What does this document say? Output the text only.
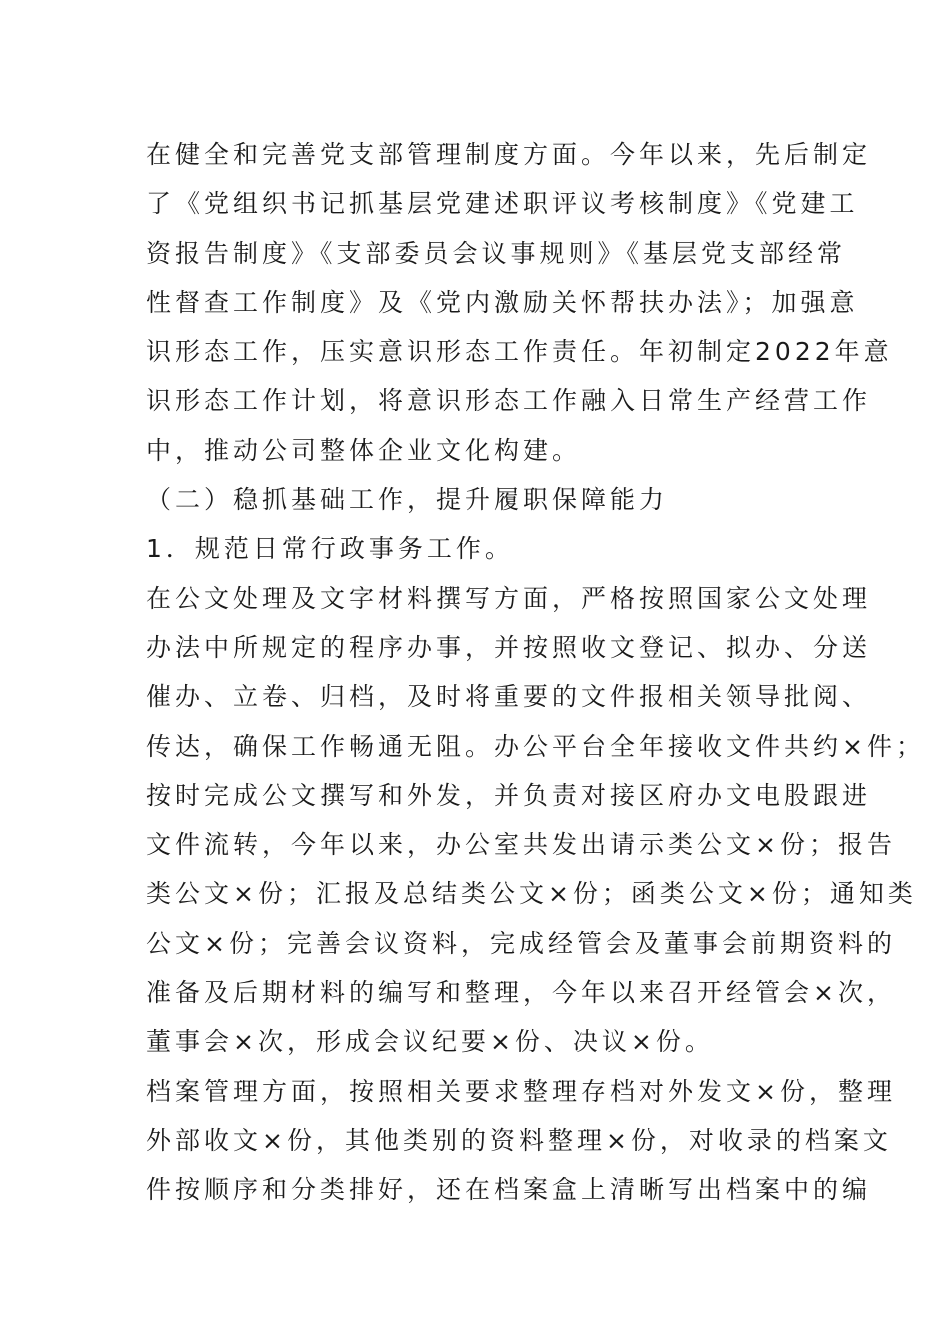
在健全和完善党支部管理制度方面。今年以来，先后制定
了《党组织书记抓基层党建述职评议考核制度》《党建工
资报告制度》《支部委员会议事规则》《基层党支部经常
性督查工作制度》及《党内激励关怀帮扶办法》；加强意
识形态工作，压实意识形态工作责任。年初制定2022年意
识形态工作计划，将意识形态工作融入日常生产经营工作
中，推动公司整体企业文化构建。
（二）稳抓基础工作，提升履职保障能力
1．规范日常行政事务工作。
在公文处理及文字材料撰写方面，严格按照国家公文处理
办法中所规定的程序办事，并按照收文登记、拟办、分送
催办、立卷、归档，及时将重要的文件报相关领导批阅、
传达，确保工作畅通无阻。办公平台全年接收文件共约×件；
按时完成公文撰写和外发，并负责对接区府办文电股跟进
文件流转，今年以来，办公室共发出请示类公文×份；报告
类公文×份；汇报及总结类公文×份；函类公文×份；通知类
公文×份；完善会议资料，完成经管会及董事会前期资料的
准备及后期材料的编写和整理，今年以来召开经管会×次，
董事会×次，形成会议纪要×份、决议×份。
档案管理方面，按照相关要求整理存档对外发文×份，整理
外部收文×份，其他类别的资料整理×份，对收录的档案文
件按顺序和分类排好，还在档案盒上清晰写出档案中的编
